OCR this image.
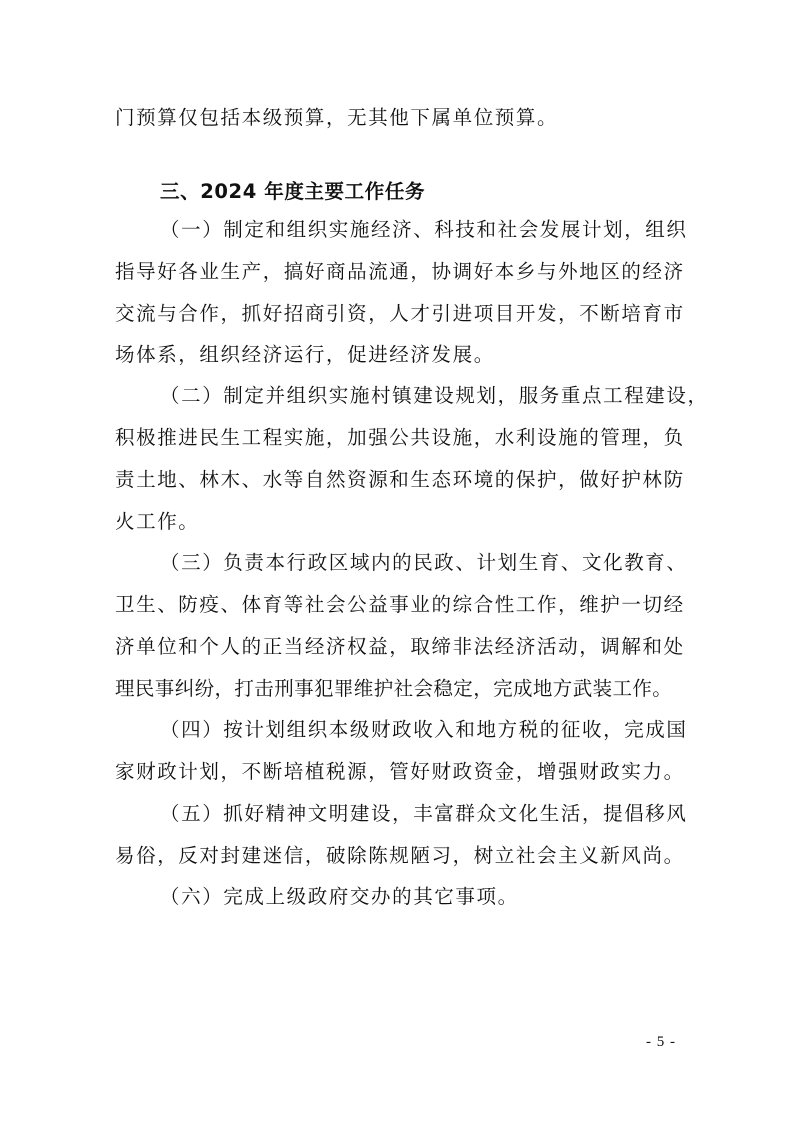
门预算仅包括本级预算，无其他下属单位预算。
三、2024 年度主要工作任务
（一）制定和组织实施经济、科技和社会发展计划，组织
指导好各业生产，搞好商品流通，协调好本乡与外地区的经济
交流与合作，抓好招商引资，人才引进项目开发，不断培育市
场体系，组织经济运行，促进经济发展。
（二）制定并组织实施村镇建设规划，服务重点工程建设，
积极推进民生工程实施，加强公共设施，水利设施的管理，负
责土地、林木、水等自然资源和生态环境的保护，做好护林防
火工作。
（三）负责本行政区域内的民政、计划生育、文化教育、
卫生、防疫、体育等社会公益事业的综合性工作，维护一切经
济单位和个人的正当经济权益，取缔非法经济活动，调解和处
理民事纠纷，打击刑事犯罪维护社会稳定，完成地方武装工作。
（四）按计划组织本级财政收入和地方税的征收，完成国
家财政计划，不断培植税源，管好财政资金，增强财政实力。
（五）抓好精神文明建设，丰富群众文化生活，提倡移风
易俗，反对封建迷信，破除陈规陋习，树立社会主义新风尚。
（六）完成上级政府交办的其它事项。
- 5 -
